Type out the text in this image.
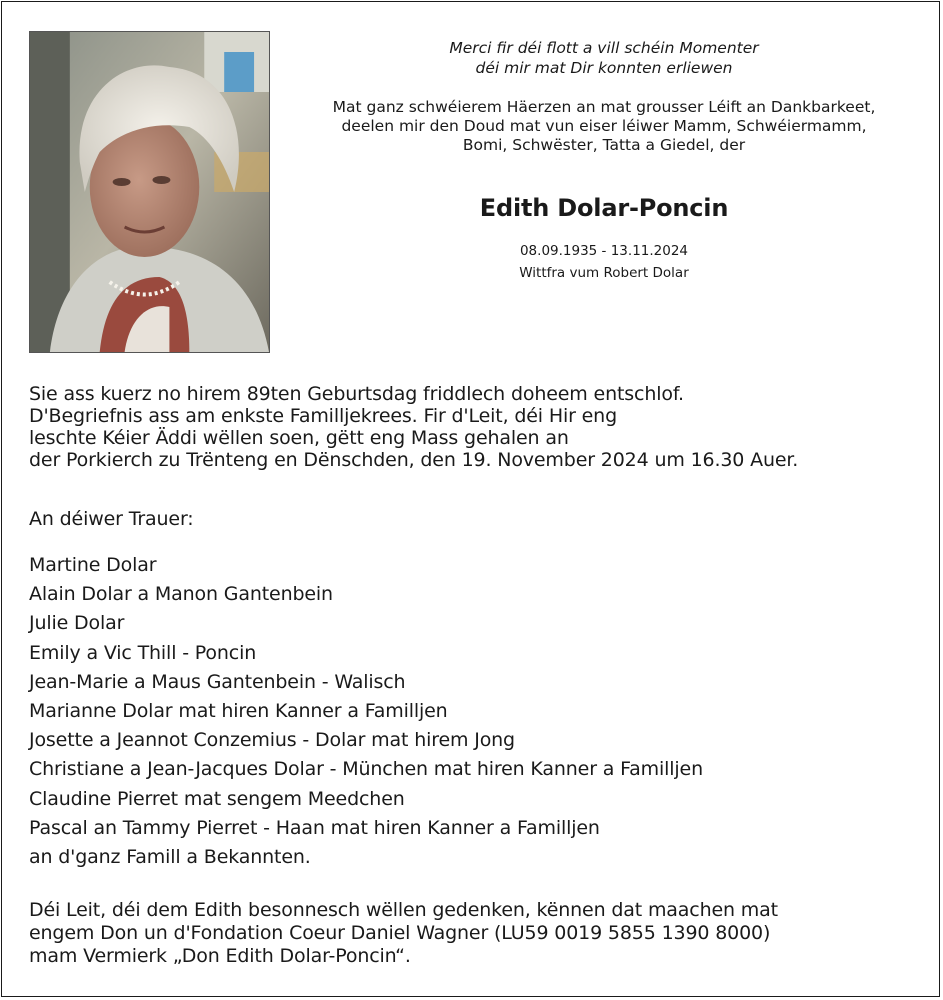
Merci fir déi flott a vill schéin Momenter
déi mir mat Dir konnten erliewen
Mat ganz schwéierem Häerzen an mat grousser Léift an Dankbarkeet,
deelen mir den Doud mat vun eiser léiwer Mamm, Schwéiermamm,
Bomi, Schwëster, Tatta a Giedel, der
Edith Dolar-Poncin
08.09.1935 - 13.11.2024
Wittfra vum Robert Dolar
Sie ass kuerz no hirem 89ten Geburtsdag friddlech doheem entschlof.
D'Begriefnis ass am enkste Familljekrees. Fir d'Leit, déi Hir eng
leschte Kéier Äddi wëllen soen, gëtt eng Mass gehalen an
der Porkierch zu Trënteng en Dënschden, den 19. November 2024 um 16.30 Auer.
An déiwer Trauer:
Martine Dolar
Alain Dolar a Manon Gantenbein
Julie Dolar
Emily a Vic Thill - Poncin
Jean-Marie a Maus Gantenbein - Walisch
Marianne Dolar mat hiren Kanner a Familljen
Josette a Jeannot Conzemius - Dolar mat hirem Jong
Christiane a Jean-Jacques Dolar - München mat hiren Kanner a Familljen
Claudine Pierret mat sengem Meedchen
Pascal an Tammy Pierret - Haan mat hiren Kanner a Familljen
an d'ganz Famill a Bekannten.
Déi Leit, déi dem Edith besonnesch wëllen gedenken, kënnen dat maachen mat
engem Don un d'Fondation Coeur Daniel Wagner (LU59 0019 5855 1390 8000)
mam Vermierk „Don Edith Dolar-Poncin“.
